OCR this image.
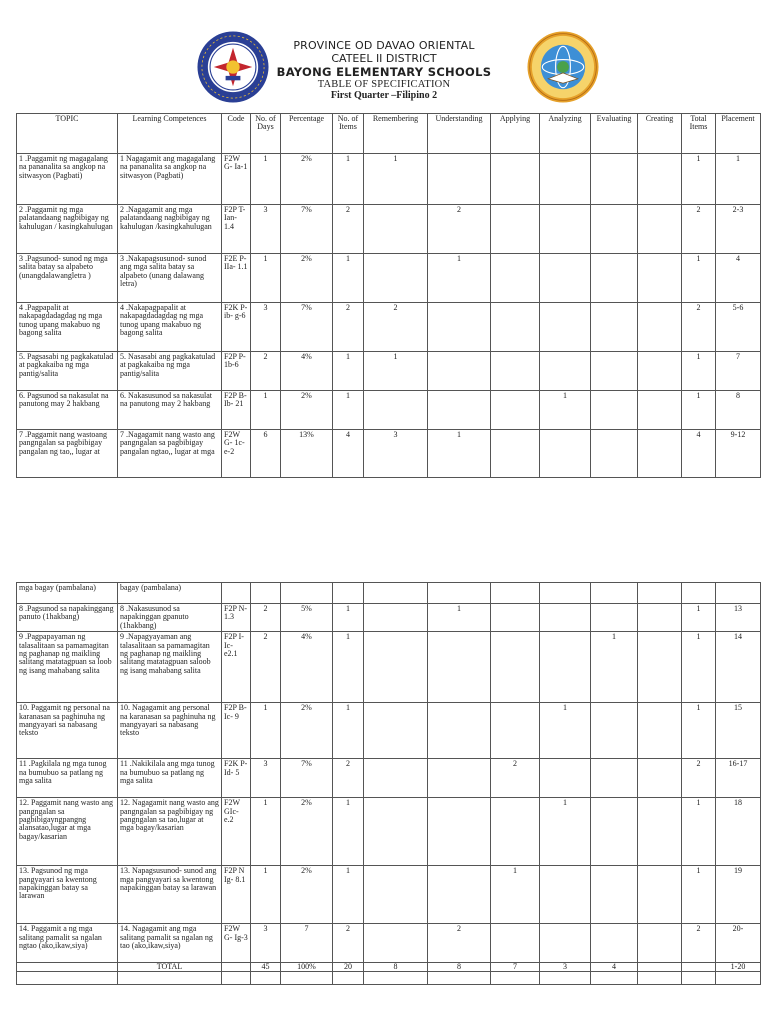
PROVINCE OD DAVAO ORIENTAL
CATEEL II DISTRICT
BAYONG ELEMENTARY SCHOOLS
TABLE OF SPECIFICATION
First Quarter –Filipino 2
TOPIC	Learning Competences	Code	No. of Days	Percentage	No. of Items	Remembering	Understanding	Applying	Analyzing	Evaluating	Creating	Total Items	Placement
1 .Paggamit ng magagalang na pananalita sa angkop na sitwasyon (Pagbati)	1 Nagagamit ang magagalang na pananalita sa angkop na sitwasyon (Pagbati)	F2W G- Ia-1	1	2%	1	1						1	1
2 .Paggamit ng mga palatandaang nagbibigay ng kahulugan / kasingkahulugan	2 .Nagagamit ang mga palatandaang nagbibigay ng kahulugan /kasingkahulugan	F2P T- Ian- 1.4	3	7%	2		2					2	2-3
3 .Pagsunod- sunod ng mga salita batay sa alpabeto (unangdalawangletra )	3 .Nakapagsusunod- sunod ang mga salita batay sa alpabeto (unang dalawang letra)	F2E P- IIa- 1.1	1	2%	1		1					1	4
4 .Pagpapalit at nakapagdadagdag ng mga tunog upang makabuo ng bagong salita	4 .Nakapagpapalit at nakapagdadagdag ng mga tunog upang makabuo ng bagong salita	F2K P-ib- g-6	3	7%	2	2						2	5-6
5. Pagsasabi ng pagkakatulad at pagkakaiba ng mga pantig/salita	5. Nasasabi ang pagkakatulad at pagkakaiba ng mga pantig/salita	F2P P- 1b-6	2	4%	1	1						1	7
6. Pagsunod sa nakasulat na panutong may 2 hakbang	6. Nakasusunod sa nakasulat na panutong may 2 hakbang	F2P B- Ib- 21	1	2%	1				1			1	8
7 .Paggamit nang wastoang pangngalan sa pagbibigay pangalan ng tao,, lugar at	7 .Nagagamit nang wasto ang pangngalan sa pagbibigay pangalan ngtao,, lugar at mga	F2W G- 1c- e-2	6	13%	4	3	1					4	9-12
mga bagay (pambalana)	bagay (pambalana)												
8 .Pagsunod sa napakinggang panuto (1hakbang)	8 .Nakasusunod sa napakinggan gpanuto (1hakbang)	F2P N- 1.3	2	5%	1		1					1	13
9 .Pagpapayaman ng talasalitaan sa pamamagitan ng paghanap ng maikling salitang matatagpuan sa loob ng isang mahabang salita	9 .Napagyayaman ang talasalitaan sa pamamagitan ng paghanap ng maikling salitang matatagpuan saloob ng isang mahabang salita	F2P I-Ic- e2.1	2	4%	1					1		1	14
10. Paggamit ng personal na karanasan sa paghinuha ng mangyayari sa nabasang teksto	10. Nagagamit ang personal na karanasan sa paghinuha ng mangyayari sa nabasang teksto	F2P B-Ic- 9	1	2%	1				1			1	15
11 .Pagkilala ng mga tunog na bumubuo sa patlang ng mga salita	11 .Nakikilala ang mga tunog na bumubuo sa patlang ng mga salita	F2K P-Id- 5	3	7%	2			2				2	16-17
12. Paggamit nang wasto ang pangngalan sa pagbibigayngpangng alansatao,lugar at mga bagay/kasarian	12. Nagagamit nang wasto ang pangngalan sa pagbibigay ng pangngalan sa tao,lugar at mga bagay/kasarian	F2W GIc- e.2	1	2%	1				1			1	18
13. Pagsunod ng mga pangyayari sa kwentong napakinggan batay sa larawan	13. Napagsusunod- sunod ang mga pangyayari sa kwentong napakinggan batay sa larawan	F2P N Ig- 8.1	1	2%	1			1				1	19
14. Paggamit a ng mga salitang pamalit sa ngalan ngtao (ako,ikaw,siya)	14. Nagagamit ang mga salitang pamalit sa ngalan ng tao (ako,ikaw,siya)	F2W G- Ig-3	3	7	2		2					2	20-
	TOTAL		45	100%	20	8	8	7	3	4			1-20
